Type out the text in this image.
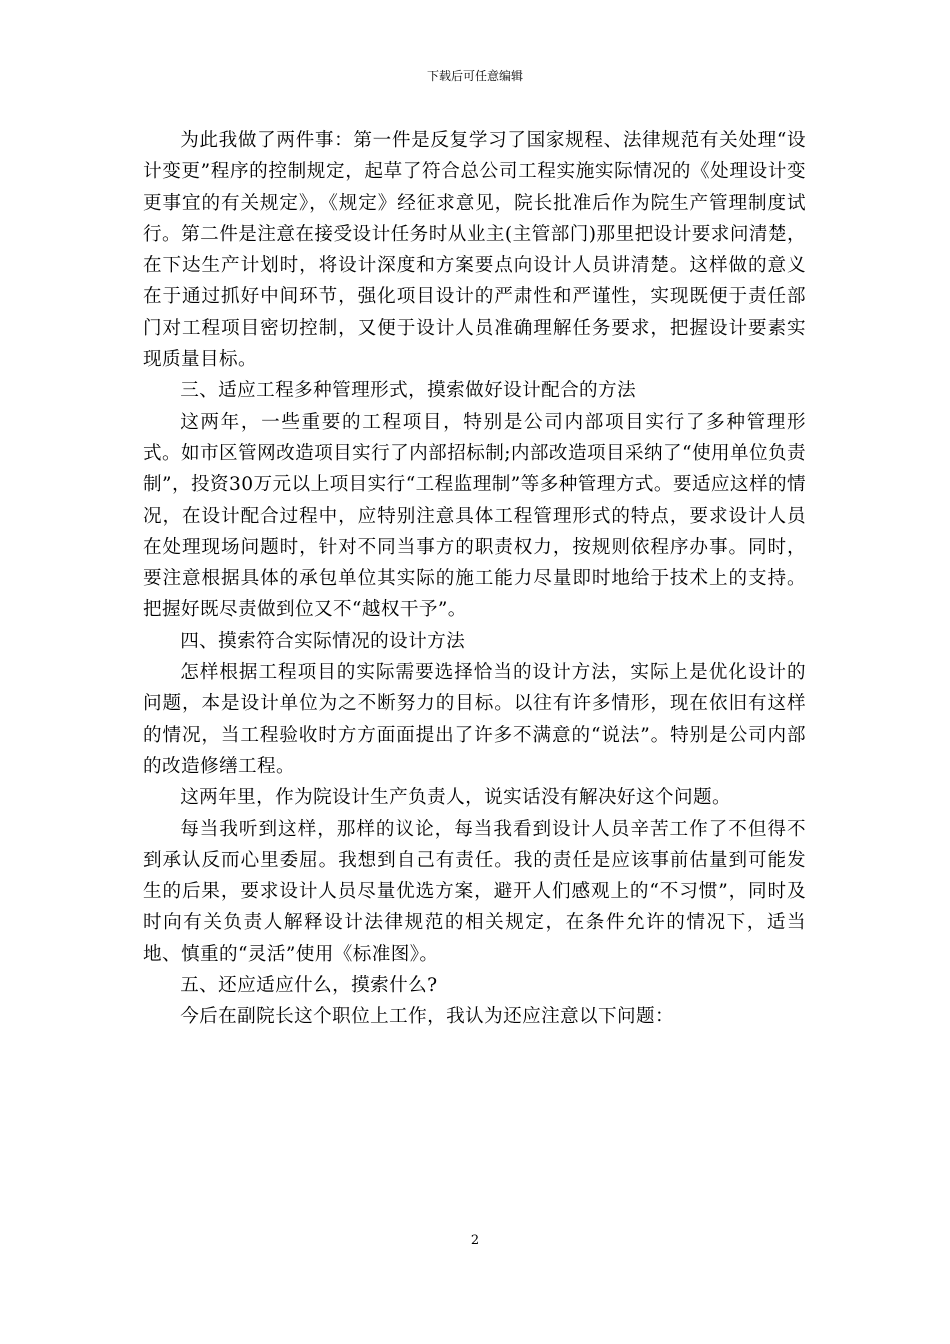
下载后可任意编辑

为此我做了两件事：第一件是反复学习了国家规程、法律规范有关处理“设计变更”程序的控制规定，起草了符合总公司工程实施实际情况的《处理设计变更事宜的有关规定》，《规定》经征求意见，院长批准后作为院生产管理制度试行。第二件是注意在接受设计任务时从业主(主管部门)那里把设计要求问清楚，在下达生产计划时，将设计深度和方案要点向设计人员讲清楚。这样做的意义在于通过抓好中间环节，强化项目设计的严肃性和严谨性，实现既便于责任部门对工程项目密切控制，又便于设计人员准确理解任务要求，把握设计要素实现质量目标。

三、适应工程多种管理形式，摸索做好设计配合的方法

这两年，一些重要的工程项目，特别是公司内部项目实行了多种管理形式。如市区管网改造项目实行了内部招标制;内部改造项目采纳了“使用单位负责制”，投资30万元以上项目实行“工程监理制”等多种管理方式。要适应这样的情况，在设计配合过程中，应特别注意具体工程管理形式的特点，要求设计人员在处理现场问题时，针对不同当事方的职责权力，按规则依程序办事。同时，要注意根据具体的承包单位其实际的施工能力尽量即时地给于技术上的支持。把握好既尽责做到位又不“越权干予”。

四、摸索符合实际情况的设计方法

怎样根据工程项目的实际需要选择恰当的设计方法，实际上是优化设计的问题，本是设计单位为之不断努力的目标。以往有许多情形，现在依旧有这样的情况，当工程验收时方方面面提出了许多不满意的“说法”。特别是公司内部的改造修缮工程。

这两年里，作为院设计生产负责人，说实话没有解决好这个问题。

每当我听到这样，那样的议论，每当我看到设计人员辛苦工作了不但得不到承认反而心里委屈。我想到自己有责任。我的责任是应该事前估量到可能发生的后果，要求设计人员尽量优选方案，避开人们感观上的“不习惯”，同时及时向有关负责人解释设计法律规范的相关规定，在条件允许的情况下，适当地、慎重的“灵活”使用《标准图》。

五、还应适应什么，摸索什么?

今后在副院长这个职位上工作，我认为还应注意以下问题：

2
